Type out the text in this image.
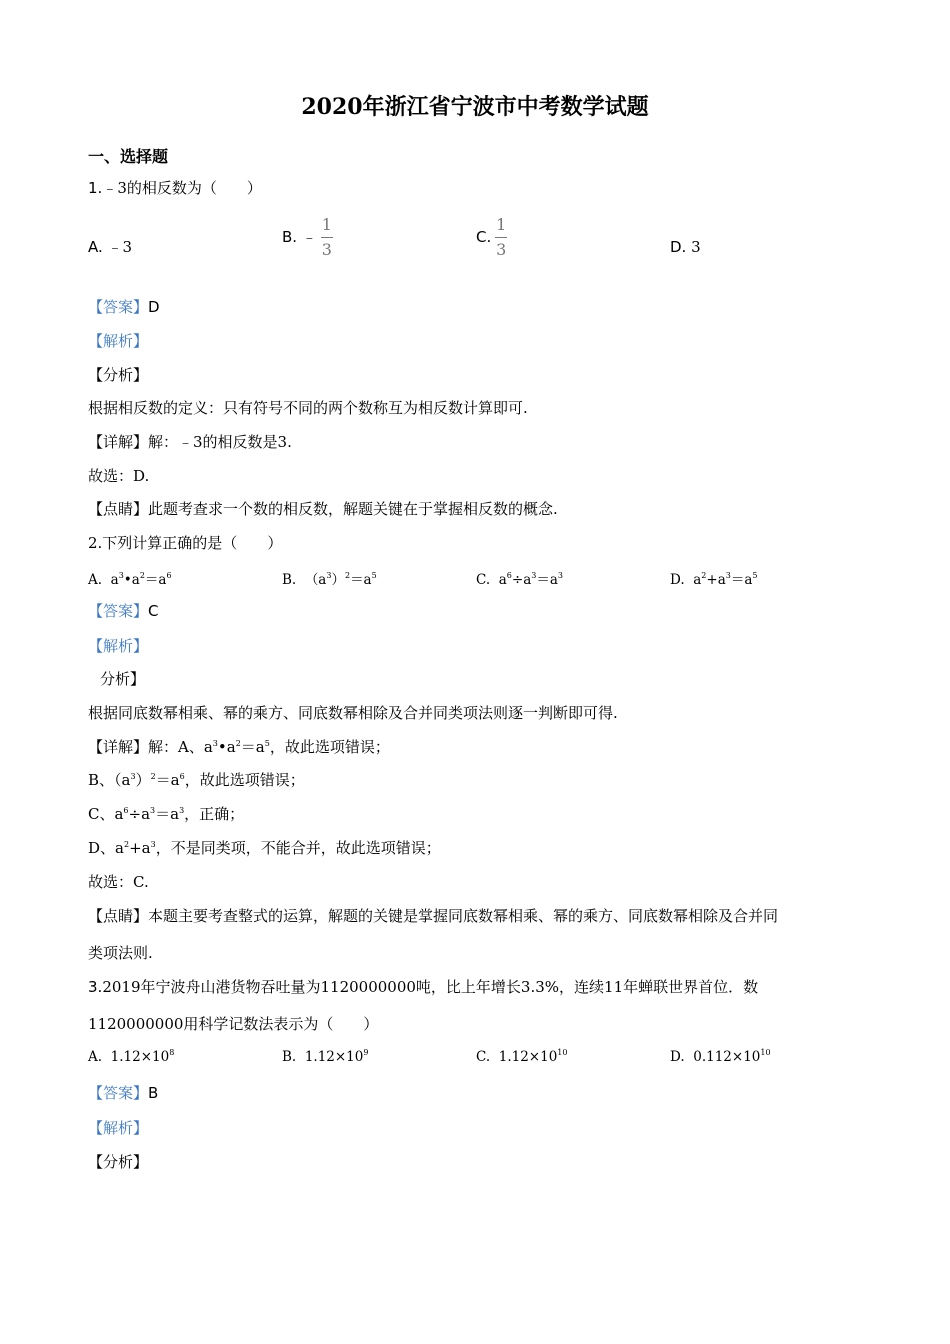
2020年浙江省宁波市中考数学试题
一、选择题
1.﹣3的相反数为（　　）
A. ﹣3
B.
﹣ $\frac{1}{3}$	C. $\frac{1}{3}$	D. 3
【答案】D
【解析】
【分析】
根据相反数的定义：只有符号不同的两个数称互为相反数计算即可.
【详解】解：﹣3的相反数是3.
故选：D.
【点睛】此题考查求一个数的相反数，解题关键在于掌握相反数的概念.
2.下列计算正确的是（　　）
A. $a^3•a^2=a^6$	B. $(a^3)^2=a^5$	C. $a^6\div a^3=a^3$	D. $a^2+a^3=a^5$
【答案】C
【解析】
分析】
根据同底数幂相乘、幂的乘方、同底数幂相除及合并同类项法则逐一判断即可得.
【详解】解：A、$a^3•a^2=a^5$，故此选项错误；
B、$(a^3)^2=a^6$，故此选项错误；
C、$a^6\div a^3=a^3$，正确；
D、$a^2+a^3$，不是同类项，不能合并，故此选项错误；
故选：C.
【点睛】本题主要考查整式的运算，解题的关键是掌握同底数幂相乘、幂的乘方、同底数幂相除及合并同
类项法则.
3.2019年宁波舟山港货物吞吐量为1120000000吨，比上年增长3.3%，连续11年蝉联世界首位．数
1120000000用科学记数法表示为（　　）
A. $1.12\times 10^8$	B. $1.12\times 10^9$	C. $1.12\times 10^{10}$	D. $0.112\times 10^{10}$
【答案】B
【解析】
【分析】
